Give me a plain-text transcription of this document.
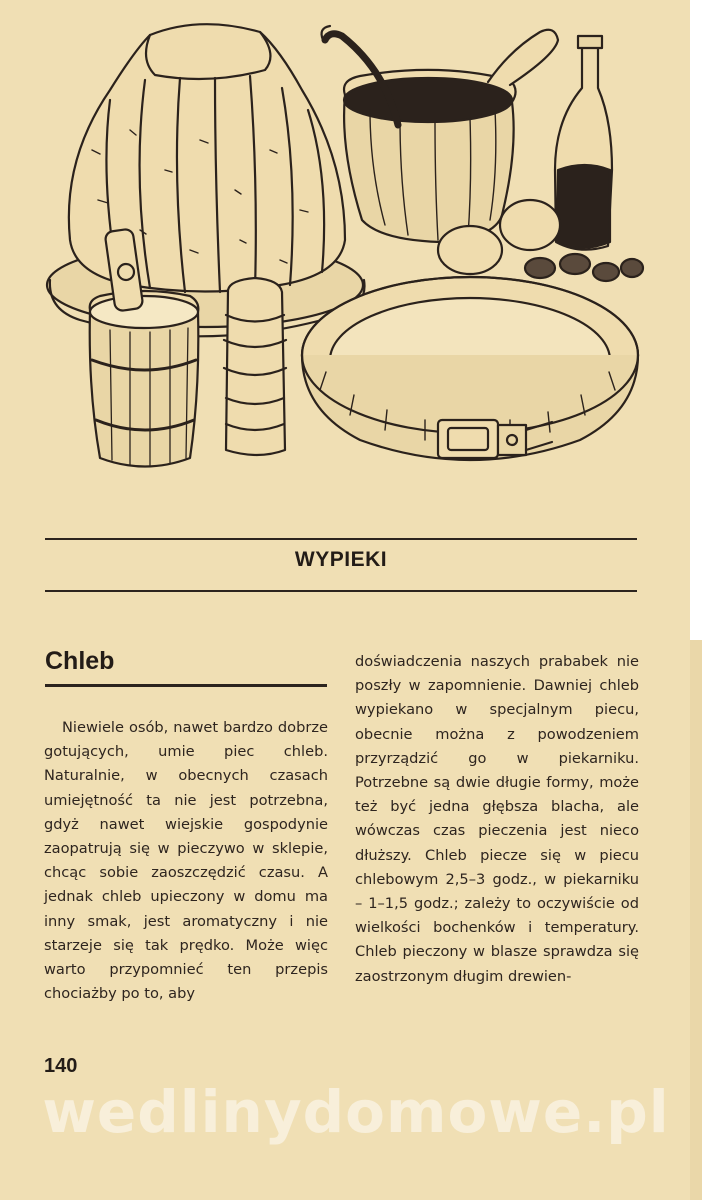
WYPIEKI
Chleb
Niewiele osób, nawet bardzo dobrze gotujących, umie piec chleb. Naturalnie, w obecnych czasach umiejętność ta nie jest potrzebna, gdyż nawet wiejskie gospodynie zaopatrują się w pieczywo w sklepie, chcąc sobie zaoszczędzić czasu. A jednak chleb upieczony w domu ma inny smak, jest aromatyczny i nie starzeje się tak prędko. Może więc warto przypomnieć ten przepis chociażby po to, aby
doświadczenia naszych prababek nie poszły w zapomnienie. Dawniej chleb wypiekano w specjalnym piecu, obecnie można z powodzeniem przyrządzić go w piekarniku. Potrzebne są dwie długie formy, może też być jedna głębsza blacha, ale wówczas czas pieczenia jest nieco dłuższy. Chleb piecze się w piecu chlebowym 2,5–3 godz., w piekarniku – 1–1,5 godz.; zależy to oczywiście od wielkości bochenków i temperatury. Chleb pieczony w blasze sprawdza się zaostrzonym długim drewien-
140
wedlinydomowe.pl
